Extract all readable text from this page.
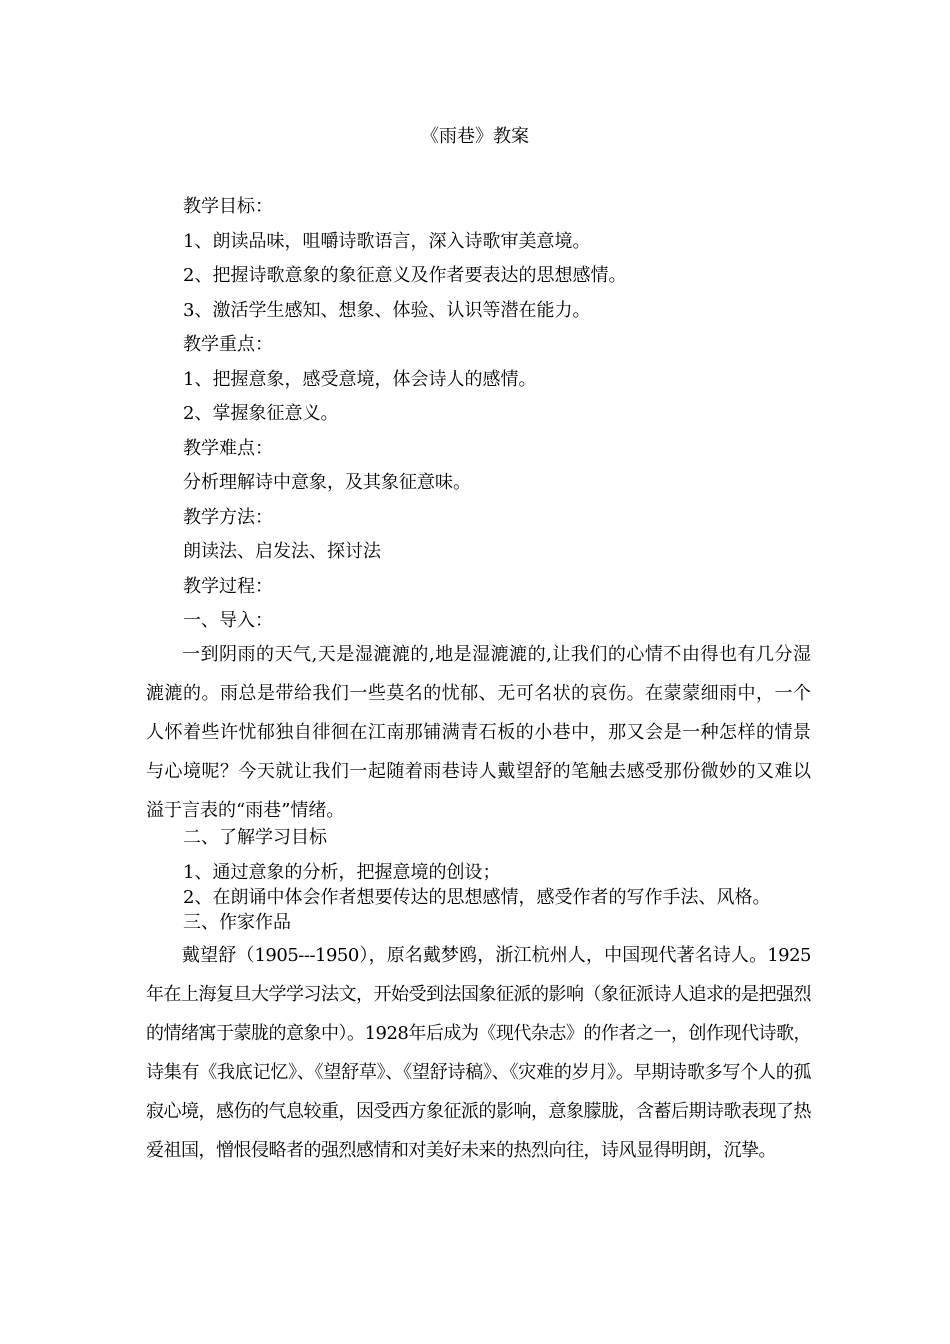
《雨巷》教案
教学目标：
1、朗读品味，咀嚼诗歌语言，深入诗歌审美意境。
2、把握诗歌意象的象征意义及作者要表达的思想感情。
3、激活学生感知、想象、体验、认识等潜在能力。
教学重点：
1、把握意象，感受意境，体会诗人的感情。
2、掌握象征意义。
教学难点：
分析理解诗中意象，及其象征意味。
教学方法：
朗读法、启发法、探讨法
教学过程：
一、导入：
一到阴雨的天气,天是湿漉漉的,地是湿漉漉的,让我们的心情不由得也有几分湿漉漉的。雨总是带给我们一些莫名的忧郁、无可名状的哀伤。在蒙蒙细雨中，一个人怀着些许忧郁独自徘徊在江南那铺满青石板的小巷中，那又会是一种怎样的情景与心境呢？今天就让我们一起随着雨巷诗人戴望舒的笔触去感受那份微妙的又难以溢于言表的“雨巷”情绪。
二、了解学习目标
1、通过意象的分析，把握意境的创设；
2、在朗诵中体会作者想要传达的思想感情，感受作者的写作手法、风格。
三、作家作品
戴望舒（1905---1950），原名戴梦鸥，浙江杭州人，中国现代著名诗人。1925年在上海复旦大学学习法文，开始受到法国象征派的影响（象征派诗人追求的是把强烈的情绪寓于蒙胧的意象中）。1928年后成为《现代杂志》的作者之一，创作现代诗歌，诗集有《我底记忆》、《望舒草》、《望舒诗稿》、《灾难的岁月》。早期诗歌多写个人的孤寂心境，感伤的气息较重，因受西方象征派的影响，意象朦胧，含蓄后期诗歌表现了热爱祖国，憎恨侵略者的强烈感情和对美好未来的热烈向往，诗风显得明朗，沉挚。
